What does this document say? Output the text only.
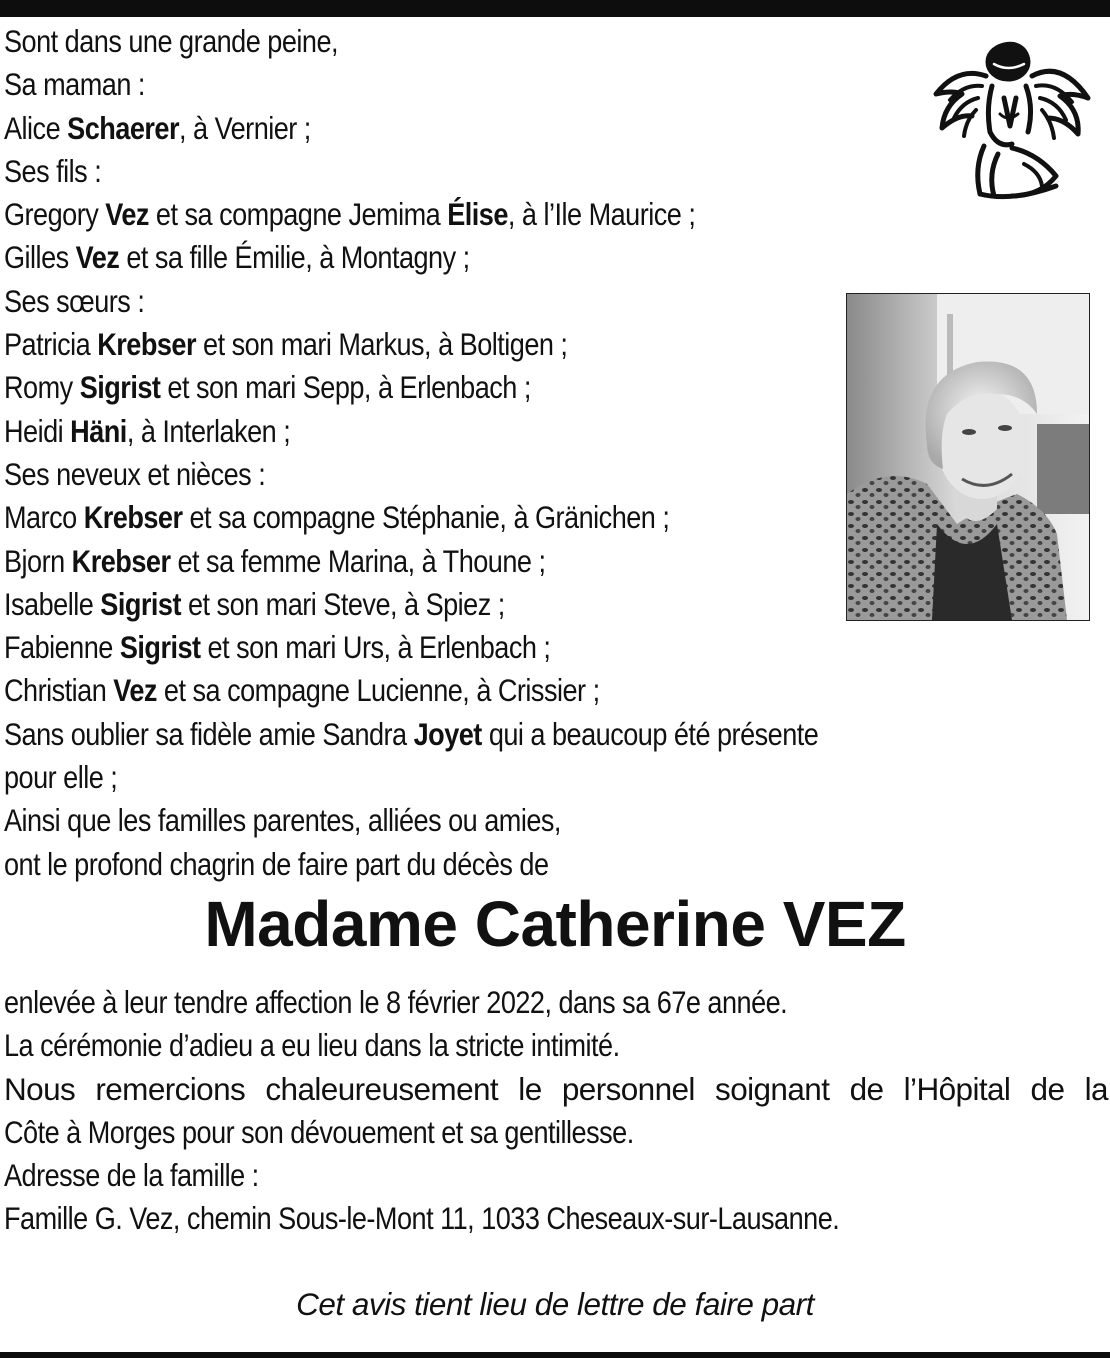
Sont dans une grande peine,
Sa maman :
Alice Schaerer, à Vernier ;
Ses fils :
Gregory Vez et sa compagne Jemima Élise, à l’Ile Maurice ;
Gilles Vez et sa fille Émilie, à Montagny ;
Ses sœurs :
Patricia Krebser et son mari Markus, à Boltigen ;
Romy Sigrist et son mari Sepp, à Erlenbach ;
Heidi Häni, à Interlaken ;
Ses neveux et nièces :
Marco Krebser et sa compagne Stéphanie, à Gränichen ;
Bjorn Krebser et sa femme Marina, à Thoune ;
Isabelle Sigrist et son mari Steve, à Spiez ;
Fabienne Sigrist et son mari Urs, à Erlenbach ;
Christian Vez et sa compagne Lucienne, à Crissier ;
Sans oublier sa fidèle amie Sandra Joyet qui a beaucoup été présente
pour elle ;
Ainsi que les familles parentes, alliées ou amies,
ont le profond chagrin de faire part du décès de
Madame Catherine VEZ
enlevée à leur tendre affection le 8 février 2022, dans sa 67e année.
La cérémonie d’adieu a eu lieu dans la stricte intimité.
Nous remercions chaleureusement le personnel soignant de l’Hôpital de la
Côte à Morges pour son dévouement et sa gentillesse.
Adresse de la famille :
Famille G. Vez, chemin Sous-le-Mont 11, 1033 Cheseaux-sur-Lausanne.

Cet avis tient lieu de lettre de faire part
